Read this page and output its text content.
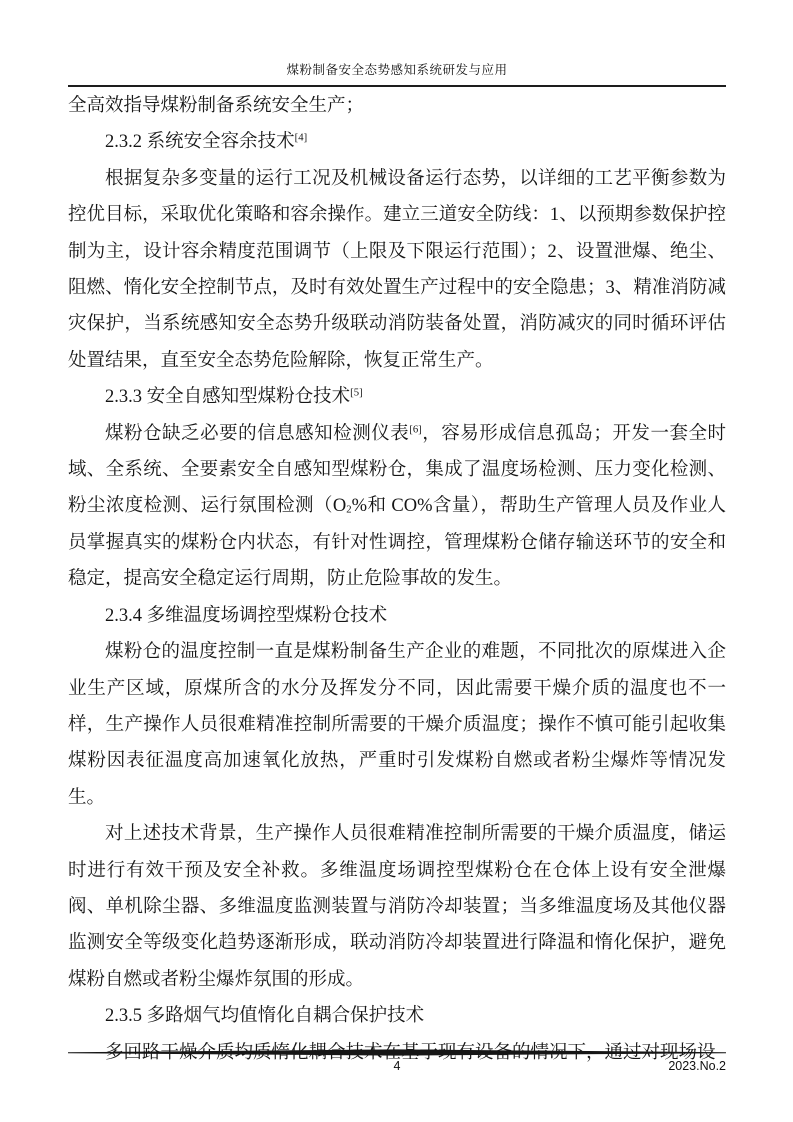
煤粉制备安全态势感知系统研发与应用

全高效指导煤粉制备系统安全生产；

2.3.2 系统安全容余技术[4]

根据复杂多变量的运行工况及机械设备运行态势，以详细的工艺平衡参数为控优目标，采取优化策略和容余操作。建立三道安全防线：1、以预期参数保护控制为主，设计容余精度范围调节（上限及下限运行范围）；2、设置泄爆、绝尘、阻燃、惰化安全控制节点，及时有效处置生产过程中的安全隐患；3、精准消防减灾保护，当系统感知安全态势升级联动消防装备处置，消防减灾的同时循环评估处置结果，直至安全态势危险解除，恢复正常生产。

2.3.3 安全自感知型煤粉仓技术[5]

煤粉仓缺乏必要的信息感知检测仪表[6]，容易形成信息孤岛；开发一套全时域、全系统、全要素安全自感知型煤粉仓，集成了温度场检测、压力变化检测、粉尘浓度检测、运行氛围检测（$O_2\%$和 CO%含量），帮助生产管理人员及作业人员掌握真实的煤粉仓内状态，有针对性调控，管理煤粉仓储存输送环节的安全和稳定，提高安全稳定运行周期，防止危险事故的发生。

2.3.4 多维温度场调控型煤粉仓技术

煤粉仓的温度控制一直是煤粉制备生产企业的难题，不同批次的原煤进入企业生产区域，原煤所含的水分及挥发分不同，因此需要干燥介质的温度也不一样，生产操作人员很难精准控制所需要的干燥介质温度；操作不慎可能引起收集煤粉因表征温度高加速氧化放热，严重时引发煤粉自燃或者粉尘爆炸等情况发生。

对上述技术背景，生产操作人员很难精准控制所需要的干燥介质温度，储运时进行有效干预及安全补救。多维温度场调控型煤粉仓在仓体上设有安全泄爆阀、单机除尘器、多维温度监测装置与消防冷却装置；当多维温度场及其他仪器监测安全等级变化趋势逐渐形成，联动消防冷却装置进行降温和惰化保护，避免煤粉自燃或者粉尘爆炸氛围的形成。

2.3.5 多路烟气均值惰化自耦合保护技术

4	2023.No.2
